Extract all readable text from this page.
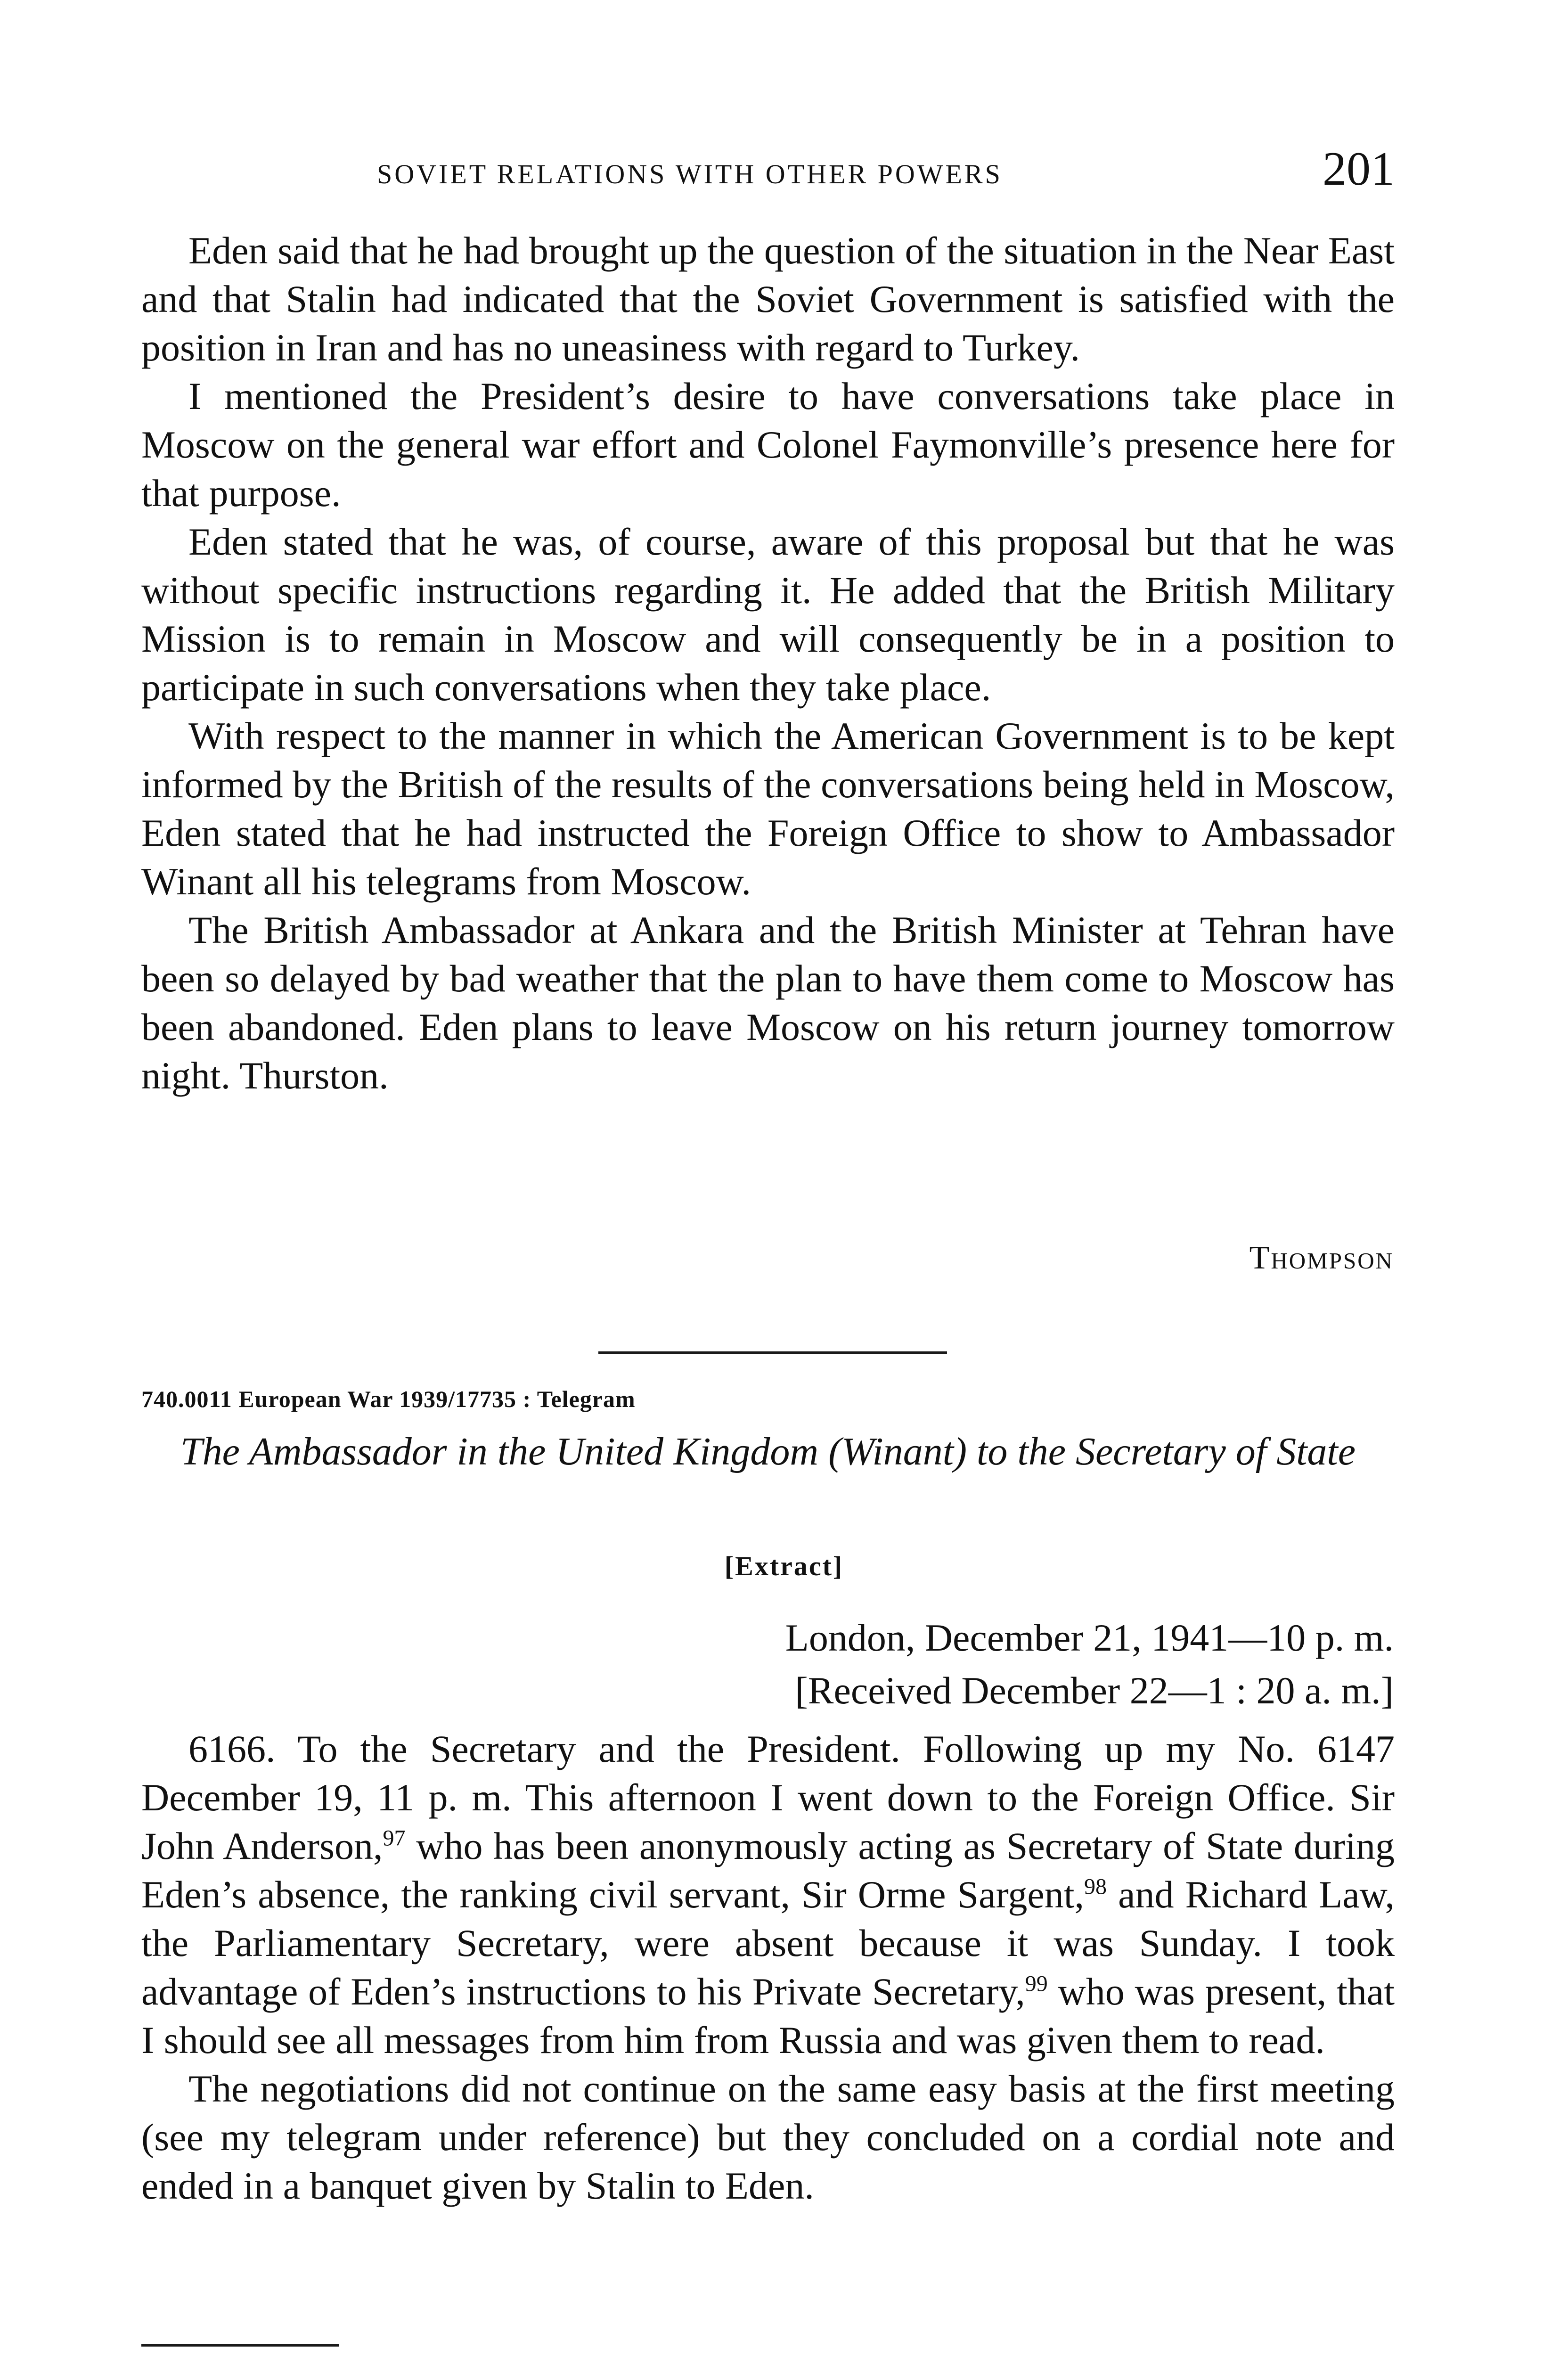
SOVIET RELATIONS WITH OTHER POWERS	201

Eden said that he had brought up the question of the situation in the Near East and that Stalin had indicated that the Soviet Government is satisfied with the position in Iran and has no uneasiness with regard to Turkey.

I mentioned the President’s desire to have conversations take place in Moscow on the general war effort and Colonel Faymonville’s presence here for that purpose.

Eden stated that he was, of course, aware of this proposal but that he was without specific instructions regarding it. He added that the British Military Mission is to remain in Moscow and will consequently be in a position to participate in such conversations when they take place.

With respect to the manner in which the American Government is to be kept informed by the British of the results of the conversations being held in Moscow, Eden stated that he had instructed the Foreign Office to show to Ambassador Winant all his telegrams from Moscow.

The British Ambassador at Ankara and the British Minister at Tehran have been so delayed by bad weather that the plan to have them come to Moscow has been abandoned. Eden plans to leave Moscow on his return journey tomorrow night. Thurston.

Thompson
740.0011 European War 1939/17735 : Telegram

The Ambassador in the United Kingdom (Winant) to the Secretary of State

[Extract]
London, December 21, 1941—10 p. m.
[Received December 22—1 : 20 a. m.]

6166. To the Secretary and the President. Following up my No. 6147 December 19, 11 p. m. This afternoon I went down to the Foreign Office. Sir John Anderson,$^{97}$ who has been anonymously acting as Secretary of State during Eden’s absence, the ranking civil servant, Sir Orme Sargent,$^{98}$ and Richard Law, the Parliamentary Secretary, were absent because it was Sunday. I took advantage of Eden’s instructions to his Private Secretary,$^{99}$ who was present, that I should see all messages from him from Russia and was given them to read.

The negotiations did not continue on the same easy basis at the first meeting (see my telegram under reference) but they concluded on a cordial note and ended in a banquet given by Stalin to Eden.
